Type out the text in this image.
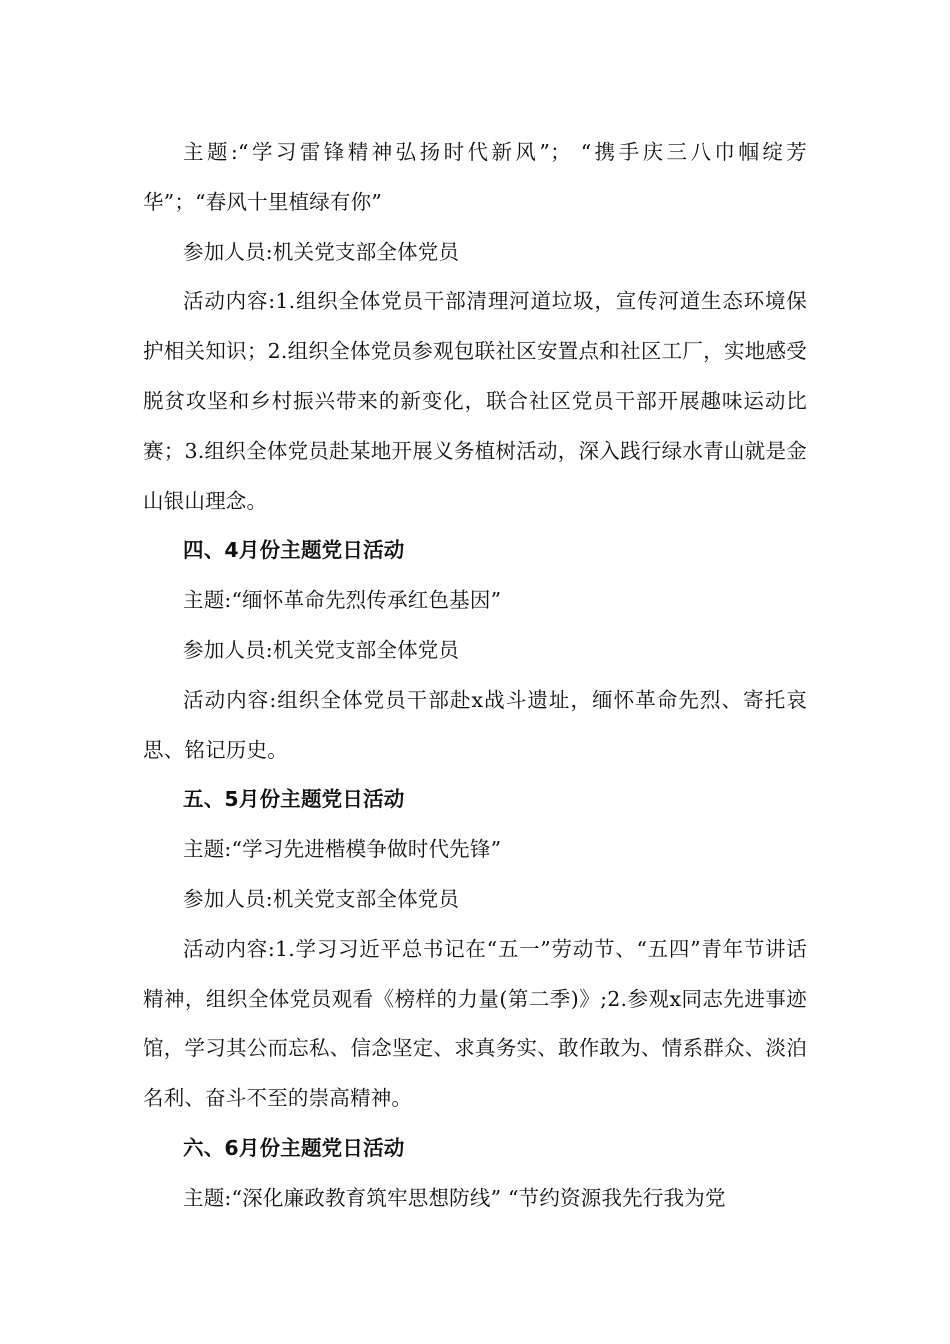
主题:“学习雷锋精神弘扬时代新风”； “携手庆三八巾帼绽芳华”；“春风十里植绿有你”

参加人员:机关党支部全体党员

活动内容:1.组织全体党员干部清理河道垃圾，宣传河道生态环境保护相关知识；2.组织全体党员参观包联社区安置点和社区工厂，实地感受脱贫攻坚和乡村振兴带来的新变化，联合社区党员干部开展趣味运动比赛；3.组织全体党员赴某地开展义务植树活动，深入践行绿水青山就是金山银山理念。

四、4月份主题党日活动

主题:“缅怀革命先烈传承红色基因”

参加人员:机关党支部全体党员

活动内容:组织全体党员干部赴x战斗遗址，缅怀革命先烈、寄托哀思、铭记历史。

五、5月份主题党日活动

主题:“学习先进楷模争做时代先锋”

参加人员:机关党支部全体党员

活动内容:1.学习习近平总书记在“五一”劳动节、“五四”青年节讲话精神，组织全体党员观看《榜样的力量(第二季)》;2.参观x同志先进事迹馆，学习其公而忘私、信念坚定、求真务实、敢作敢为、情系群众、淡泊名利、奋斗不至的崇高精神。

六、6月份主题党日活动

主题:“深化廉政教育筑牢思想防线” “节约资源我先行我为党
